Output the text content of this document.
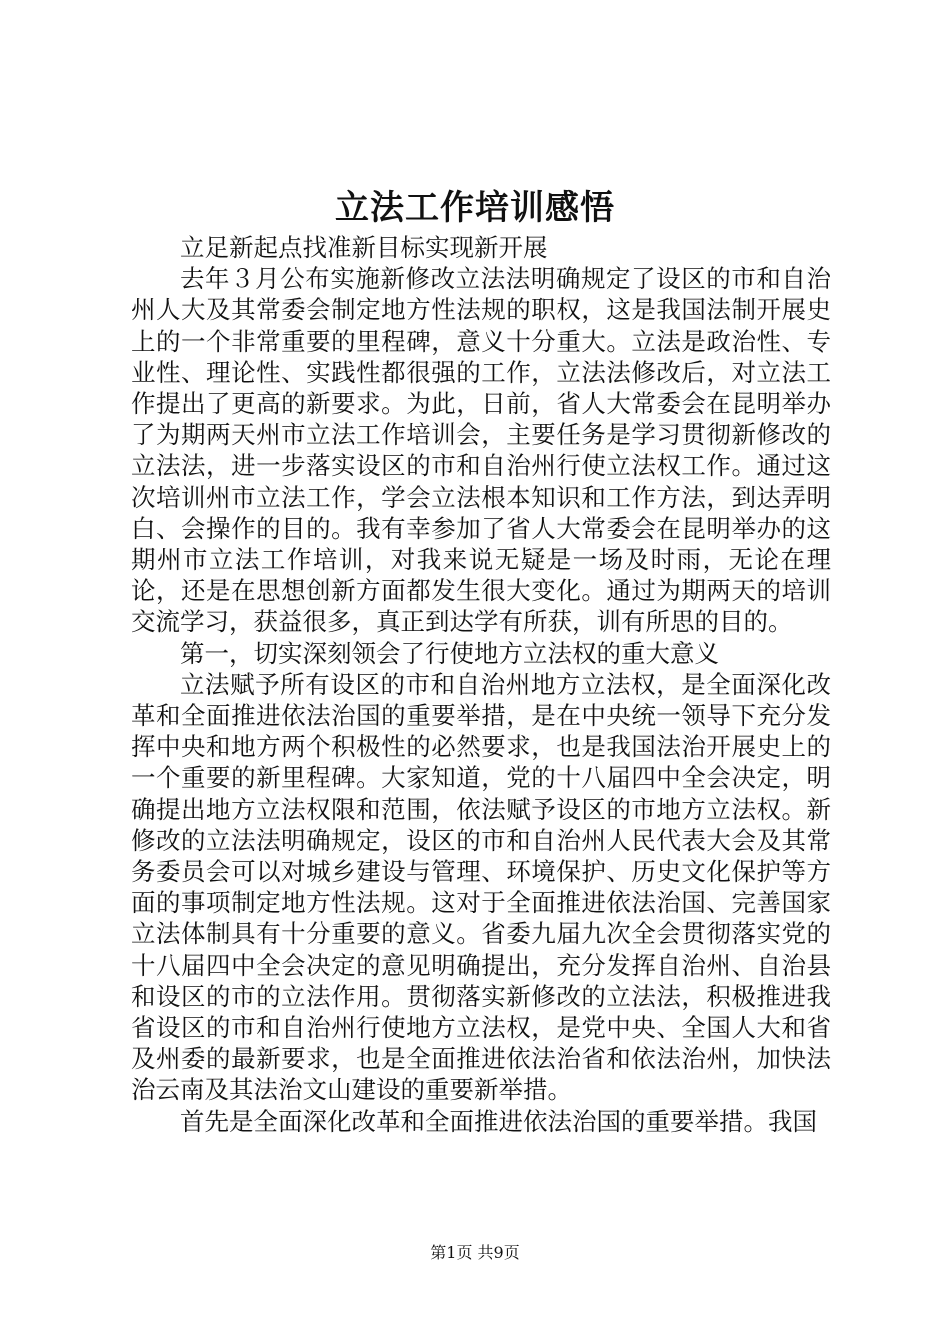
立法工作培训感悟

立足新起点找准新目标实现新开展

去年３月公布实施新修改立法法明确规定了设区的市和自治州人大及其常委会制定地方性法规的职权，这是我国法制开展史上的一个非常重要的里程碑，意义十分重大。立法是政治性、专业性、理论性、实践性都很强的工作，立法法修改后，对立法工作提出了更高的新要求。为此，日前，省人大常委会在昆明举办了为期两天州市立法工作培训会，主要任务是学习贯彻新修改的立法法，进一步落实设区的市和自治州行使立法权工作。通过这次培训州市立法工作，学会立法根本知识和工作方法，到达弄明白、会操作的目的。我有幸参加了省人大常委会在昆明举办的这期州市立法工作培训，对我来说无疑是一场及时雨，无论在理论，还是在思想创新方面都发生很大变化。通过为期两天的培训交流学习，获益很多，真正到达学有所获，训有所思的目的。

第一，切实深刻领会了行使地方立法权的重大意义

立法赋予所有设区的市和自治州地方立法权，是全面深化改革和全面推进依法治国的重要举措，是在中央统一领导下充分发挥中央和地方两个积极性的必然要求，也是我国法治开展史上的一个重要的新里程碑。大家知道，党的十八届四中全会决定，明确提出地方立法权限和范围，依法赋予设区的市地方立法权。新修改的立法法明确规定，设区的市和自治州人民代表大会及其常务委员会可以对城乡建设与管理、环境保护、历史文化保护等方面的事项制定地方性法规。这对于全面推进依法治国、完善国家立法体制具有十分重要的意义。省委九届九次全会贯彻落实党的十八届四中全会决定的意见明确提出，充分发挥自治州、自治县和设区的市的立法作用。贯彻落实新修改的立法法，积极推进我省设区的市和自治州行使地方立法权，是党中央、全国人大和省及州委的最新要求，也是全面推进依法治省和依法治州，加快法治云南及其法治文山建设的重要新举措。

首先是全面深化改革和全面推进依法治国的重要举措。我国

第1页 共9页
